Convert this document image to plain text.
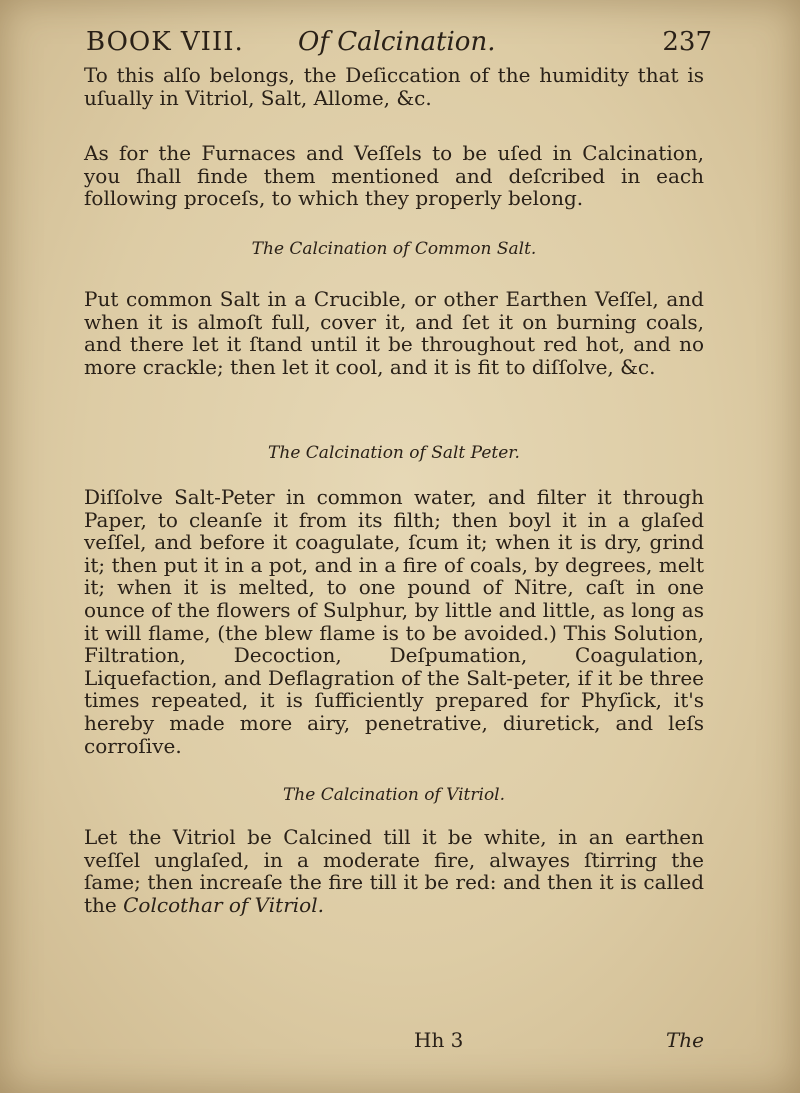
BOOK VIII. Of Calcination.	237

To this alſo belongs, the Deſiccation of the humidity that is uſually in Vitriol, Salt, Allome, &c.

As for the Furnaces and Veſſels to be uſed in Calcination, you ſhall finde them mentioned and deſcribed in each following proceſs, to which they properly belong.

The Calcination of Common Salt.

Put common Salt in a Crucible, or other Earthen Veſſel, and when it is almoſt full, cover it, and ſet it on burning coals, and there let it ſtand until it be throughout red hot, and no more crackle; then let it cool, and it is fit to diſſolve, &c.

The Calcination of Salt Peter.

Diſſolve Salt-Peter in common water, and filter it through Paper, to cleanſe it from its filth; then boyl it in a glaſed veſſel, and before it coagulate, ſcum it; when it is dry, grind it; then put it in a pot, and in a fire of coals, by degrees, melt it; when it is melted, to one pound of Nitre, caſt in one ounce of the flowers of Sulphur, by little and little, as long as it will flame, (the blew flame is to be avoided.) This Solution, Filtration, Decoction, Deſpumation, Coagulation, Liquefaction, and Deflagration of the Salt-peter, if it be three times repeated, it is ſufficiently prepared for Phyſick, it's hereby made more airy, penetrative, diuretick, and leſs corroſive.

The Calcination of Vitriol.

Let the Vitriol be Calcined till it be white, in an earthen veſſel unglaſed, in a moderate fire, alwayes ſtirring the ſame; then increaſe the fire till it be red: and then it is called the Colcothar of Vitriol.

Hh 3	The
